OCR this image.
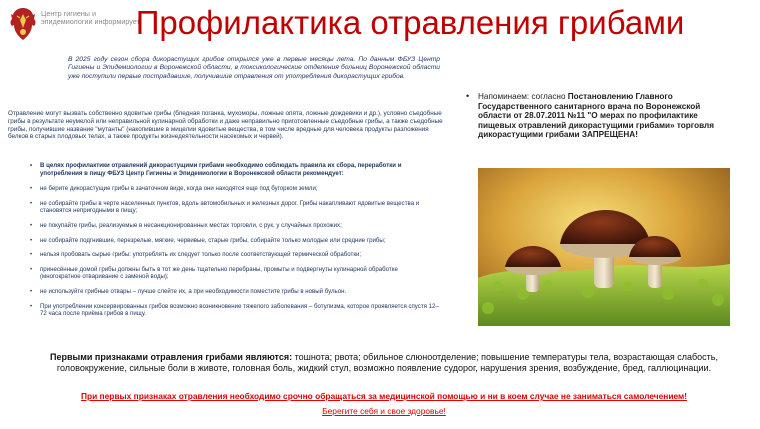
Центр гигиены и эпидемиологии информирует
Профилактика отравления грибами
В 2025 году сезон сбора дикорастущих грибов открылся уже в первые месяцы лета. По данным ФБУЗ Центр Гигиены и Эпидемиологии в Воронежской области, в токсикологические отделения больниц Воронежской области уже поступили первые пострадавшие, получившие отравления от употребления дикорастущих грибов.
Отравление могут вызвать собственно ядовитые грибы (бледная поганка, мухоморы, ложные опята, ложные дождевики и др.), условно съедобные грибы в результате неумелой или неправильной кулинарной обработки и даже неправильно приготовленные съедобные грибы, а также съедобные грибы, получившие название "мутанты" (накопившие в мицелии ядовитые вещества, в том числе вредные для человека продукты разложения белков в старых плодовых телах, а также продукты жизнедеятельности насекомых и червей).
• В целях профилактики отравлений дикорастущими грибами необходимо соблюдать правила их сбора, переработки и употребления в пищу ФБУЗ Центр Гигиены и Эпидемиологии в Воронежской области рекомендует:
• не берите дикорастущие грибы в зачаточном виде, когда они находятся еще под бугорком земли;
• не собирайте грибы в черте населенных пунктов, вдоль автомобильных и железных дорог. Грибы накапливают ядовитые вещества и становятся непригодными в пищу;
• не покупайте грибы, реализуемые в несанкционированных местах торговли, с рук, у случайных прохожих;
• не собирайте подгнившие, перезрелые, мягкие, червивые, старые грибы, собирайте только молодые или средние грибы;
• нельзя пробовать сырые грибы: употреблять их следует только после соответствующей термической обработки;
• принесённые домой грибы должны быть в тот же день тщательно перебраны, промыты и подвергнуты кулинарной обработке (многократное отваривание с заменой воды);
• не используйте грибные отвары – лучше слейте их, а при необходимости поместите грибы в новый бульон.
• При употреблении консервированных грибов возможно возникновение тяжелого заболевания – ботулизма, которое проявляется спустя 12–72 часа после приёма грибов в пищу.
• Напоминаем: согласно Постановлению Главного Государственного санитарного врача по Воронежской области от 28.07.2011 №11 "О мерах по профилактике пищевых отравлений дикорастущими грибами» торговля дикорастущими грибами ЗАПРЕЩЕНА!
Первыми признаками отравления грибами являются: тошнота; рвота; обильное слюноотделение; повышение температуры тела, возрастающая слабость, головокружение, сильные боли в животе, головная боль, жидкий стул, возможно появление судорог, нарушения зрения, возбуждение, бред, галлюцинации.
При первых признаках отравления необходимо срочно обращаться за медицинской помощью и ни в коем случае не заниматься самолечением!
Берегите себя и свое здоровье!
